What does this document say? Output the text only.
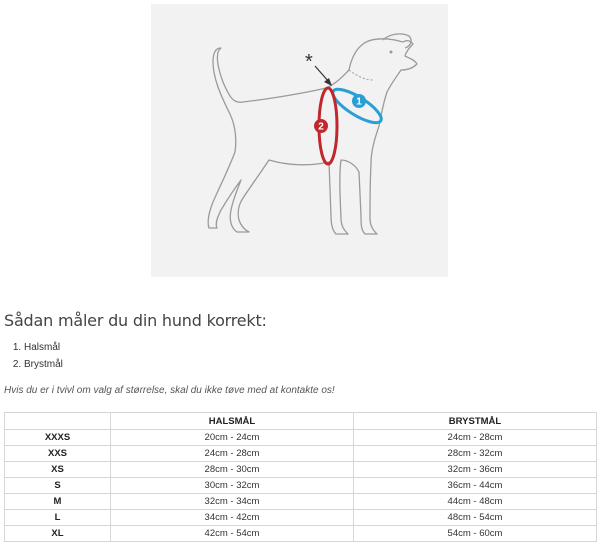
*
1
2
Sådan måler du din hund korrekt:
1. Halsmål
2. Brystmål
Hvis du er i tvivl om valg af størrelse, skal du ikke tøve med at kontakte os!
	HALSMÅL	BRYSTMÅL
XXXS	20cm - 24cm	24cm - 28cm
XXS	24cm - 28cm	28cm - 32cm
XS	28cm - 30cm	32cm - 36cm
S	30cm - 32cm	36cm - 44cm
M	32cm - 34cm	44cm - 48cm
L	34cm - 42cm	48cm - 54cm
XL	42cm - 54cm	54cm - 60cm
